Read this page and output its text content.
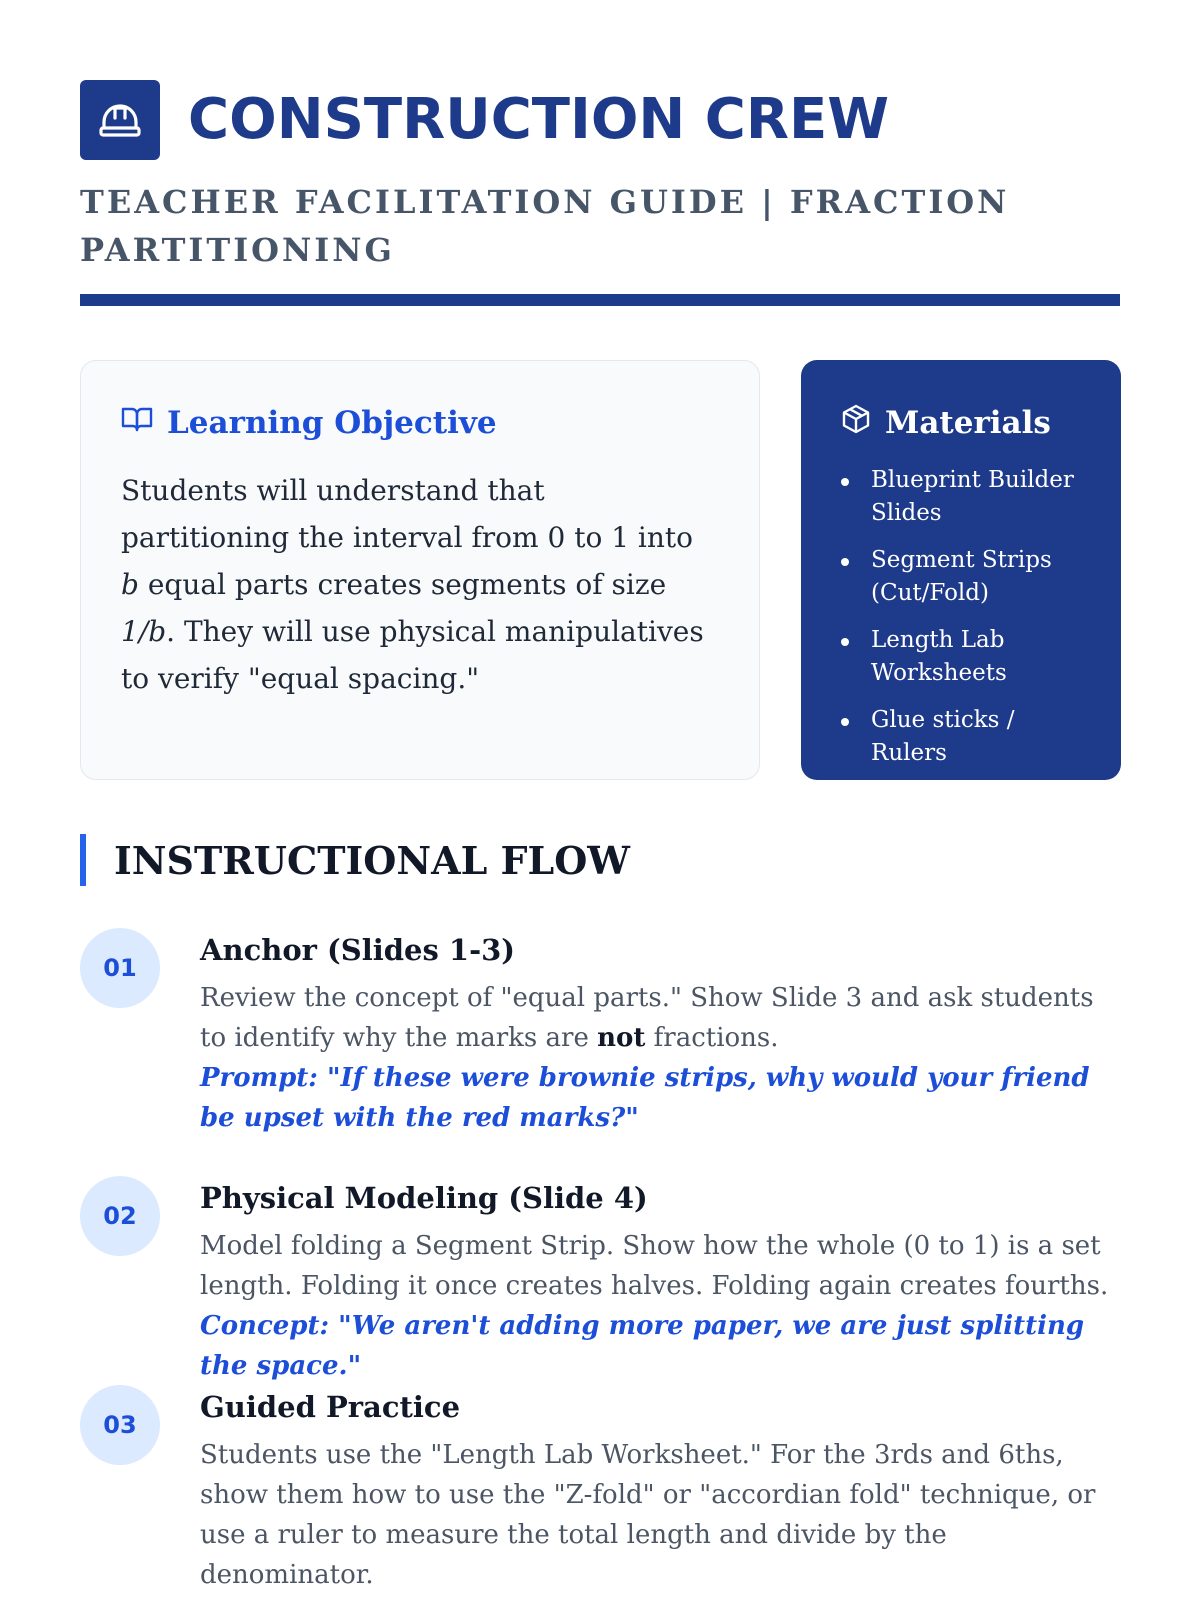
CONSTRUCTION CREW
TEACHER FACILITATION GUIDE | FRACTION PARTITIONING
Learning Objective

Students will understand that partitioning the interval from 0 to 1 into b equal parts creates segments of size 1/b. They will use physical manipulatives to verify "equal spacing."

Materials
Blueprint Builder Slides
Segment Strips (Cut/Fold)
Length Lab Worksheets
Glue sticks / Rulers
INSTRUCTIONAL FLOW
01
Anchor (Slides 1-3)

Review the concept of "equal parts." Show Slide 3 and ask students to identify why the marks are not fractions.

Prompt: "If these were brownie strips, why would your friend be upset with the red marks?"

02
Physical Modeling (Slide 4)

Model folding a Segment Strip. Show how the whole (0 to 1) is a set length. Folding it once creates halves. Folding again creates fourths.

Concept: "We aren't adding more paper, we are just splitting the space."

03
Guided Practice

Students use the "Length Lab Worksheet." For the 3rds and 6ths, show them how to use the "Z-fold" or "accordian fold" technique, or use a ruler to measure the total length and divide by the denominator.
